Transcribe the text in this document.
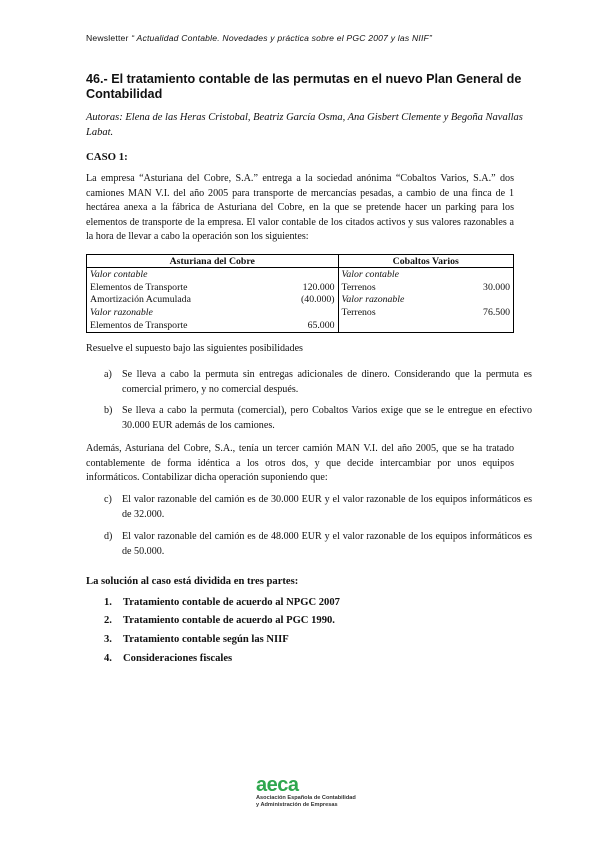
Newsletter “ Actualidad Contable. Novedades y práctica sobre el PGC 2007 y las NIIF”
46.- El tratamiento contable de las permutas en el nuevo Plan General de Contabilidad
Autoras: Elena de las Heras Cristobal, Beatriz García Osma, Ana Gisbert Clemente y Begoña Navallas Labat.
CASO 1:
La empresa “Asturiana del Cobre, S.A.” entrega a la sociedad anónima “Cobaltos Varios, S.A.” dos camiones MAN V.I. del año 2005 para transporte de mercancías pesadas, a cambio de una finca de 1 hectárea anexa a la fábrica de Asturiana del Cobre, en la que se pretende hacer un parking para los elementos de transporte de la empresa. El valor contable de los citados activos y sus valores razonables a la hora de llevar a cabo la operación son los siguientes:
Asturiana del Cobre		Cobaltos Varios	
Valor contable		Valor contable	
Elementos de Transporte	120.000	Terrenos	30.000
Amortización Acumulada	(40.000)	Valor razonable	
Valor razonable		Terrenos	76.500
Elementos de Transporte	65.000		
Resuelve el supuesto bajo las siguientes posibilidades
a) Se lleva a cabo la permuta sin entregas adicionales de dinero. Considerando que la permuta es comercial primero, y no comercial después.
b) Se lleva a cabo la permuta (comercial), pero Cobaltos Varios exige que se le entregue en efectivo 30.000 EUR además de los camiones.
Además, Asturiana del Cobre, S.A., tenía un tercer camión MAN V.I. del año 2005, que se ha tratado contablemente de forma idéntica a los otros dos, y que decide intercambiar por unos equipos informáticos. Contabilizar dicha operación suponiendo que:
c) El valor razonable del camión es de 30.000 EUR y el valor razonable de los equipos informáticos es de 32.000.
d) El valor razonable del camión es de 48.000 EUR y el valor razonable de los equipos informáticos es de 50.000.
La solución al caso está dividida en tres partes:
1. Tratamiento contable de acuerdo al NPGC 2007
2. Tratamiento contable de acuerdo al PGC 1990.
3. Tratamiento contable según las NIIF
4. Consideraciones fiscales
aeca
Asociación Española de Contabilidad
y Administración de Empresas
